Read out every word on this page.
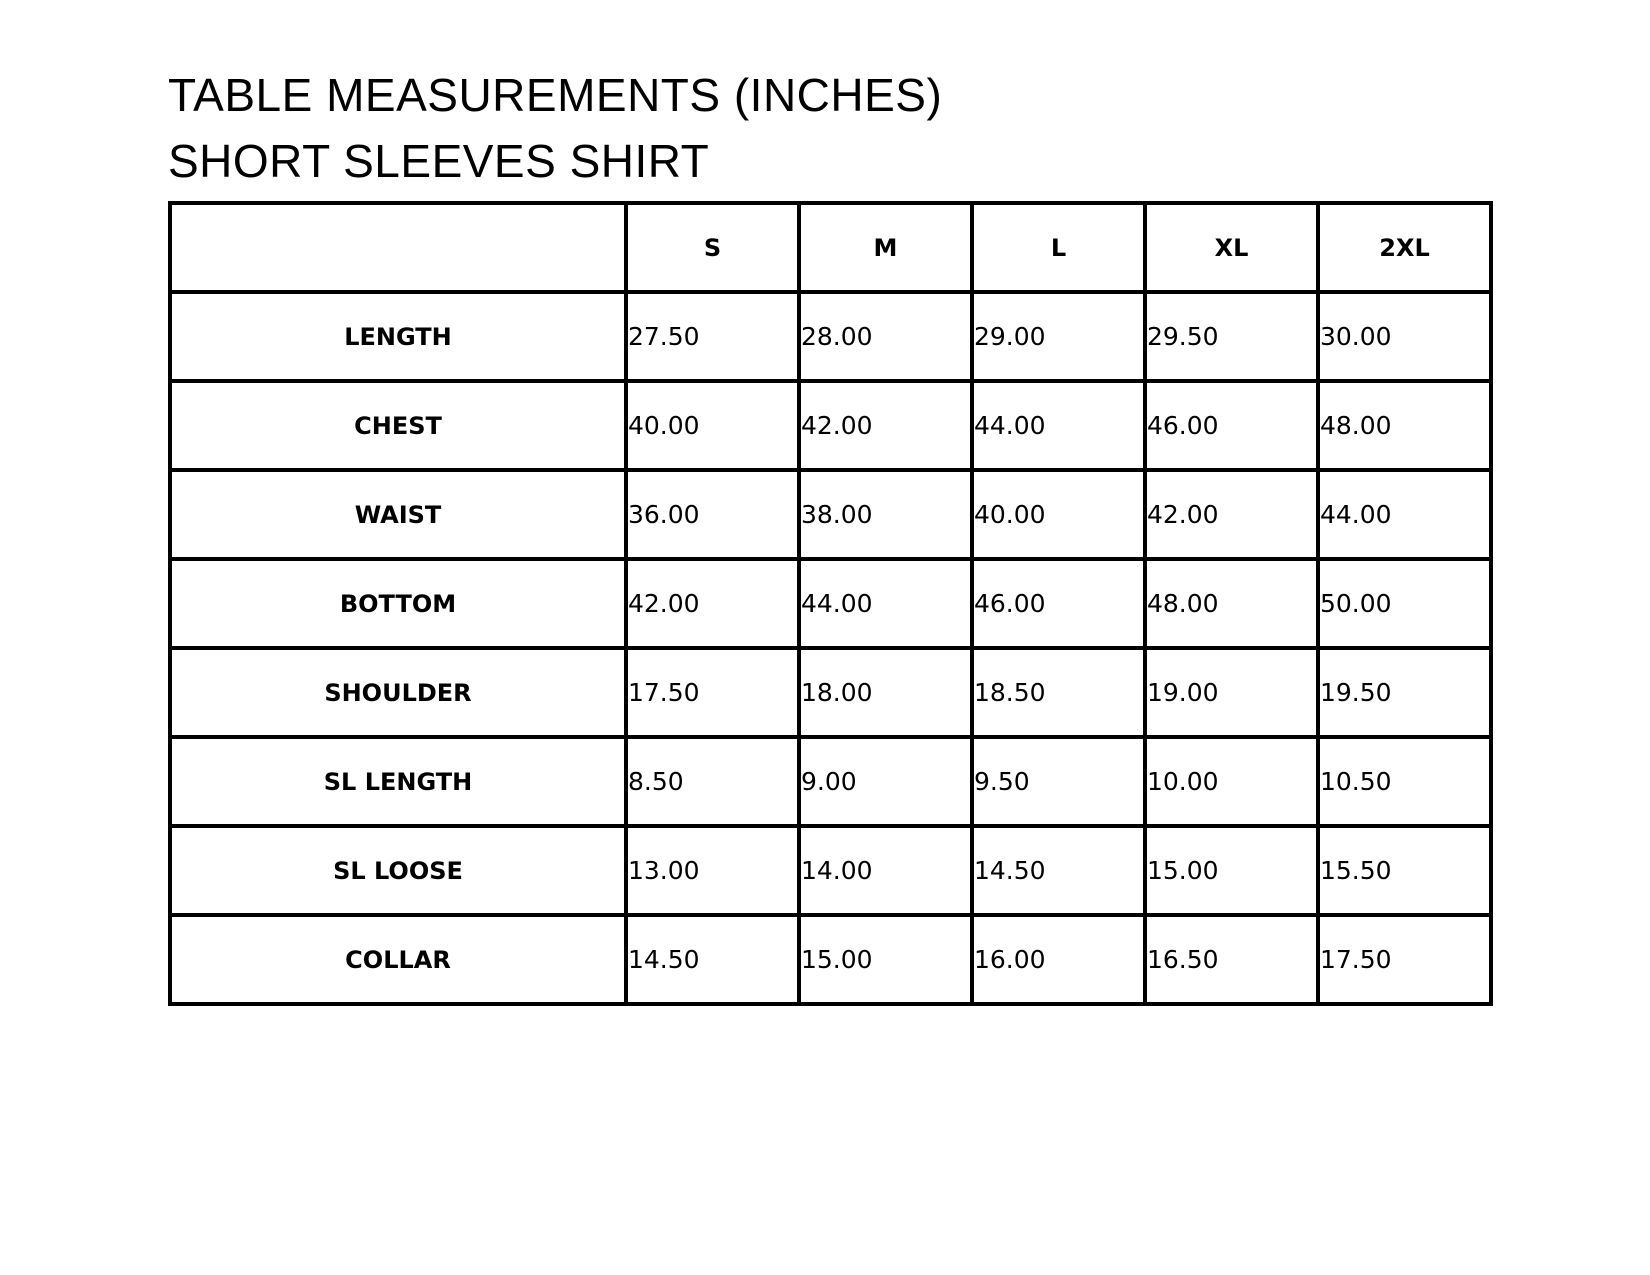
TABLE MEASUREMENTS (INCHES)
SHORT SLEEVES SHIRT
	S	M	L	XL	2XL
LENGTH	27.50	28.00	29.00	29.50	30.00
CHEST	40.00	42.00	44.00	46.00	48.00
WAIST	36.00	38.00	40.00	42.00	44.00
BOTTOM	42.00	44.00	46.00	48.00	50.00
SHOULDER	17.50	18.00	18.50	19.00	19.50
SL LENGTH	8.50	9.00	9.50	10.00	10.50
SL LOOSE	13.00	14.00	14.50	15.00	15.50
COLLAR	14.50	15.00	16.00	16.50	17.50
